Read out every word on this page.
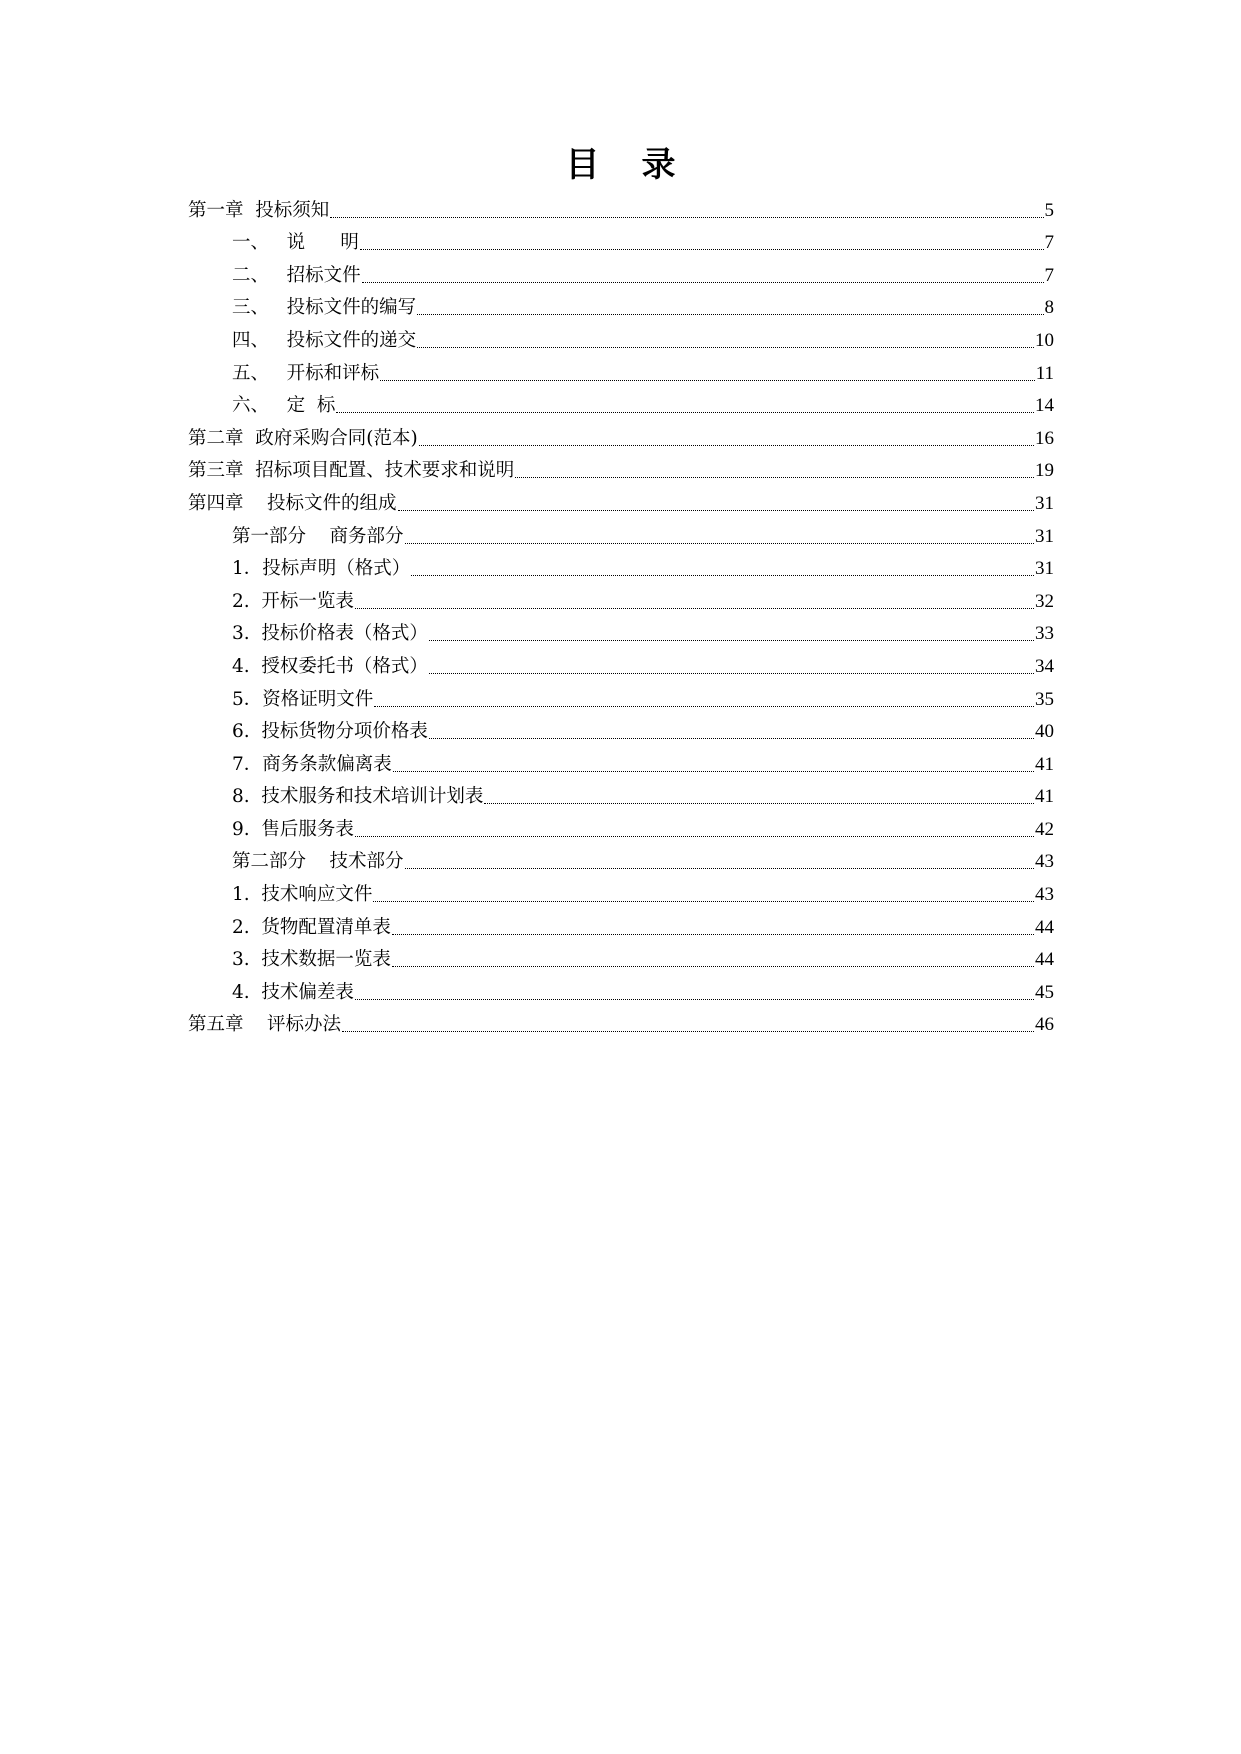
目 录
第一章  投标须知	5
一、   说      明	7
二、   招标文件	7
三、   投标文件的编写	8
四、   投标文件的递交	10
五、   开标和评标	11
六、   定  标	14
第二章  政府采购合同(范本)	16
第三章  招标项目配置、技术要求和说明	19
第四章    投标文件的组成	31
第一部分    商务部分	31
1．投标声明（格式）	31
2.  开标一览表	32
3.  投标价格表（格式）	33
4.  授权委托书（格式）	34
5．资格证明文件	35
6.  投标货物分项价格表	40
7．商务条款偏离表	41
8.  技术服务和技术培训计划表	41
9.  售后服务表	42
第二部分    技术部分	43
1.  技术响应文件	43
2.  货物配置清单表	44
3.  技术数据一览表	44
4.  技术偏差表	45
第五章    评标办法	46
